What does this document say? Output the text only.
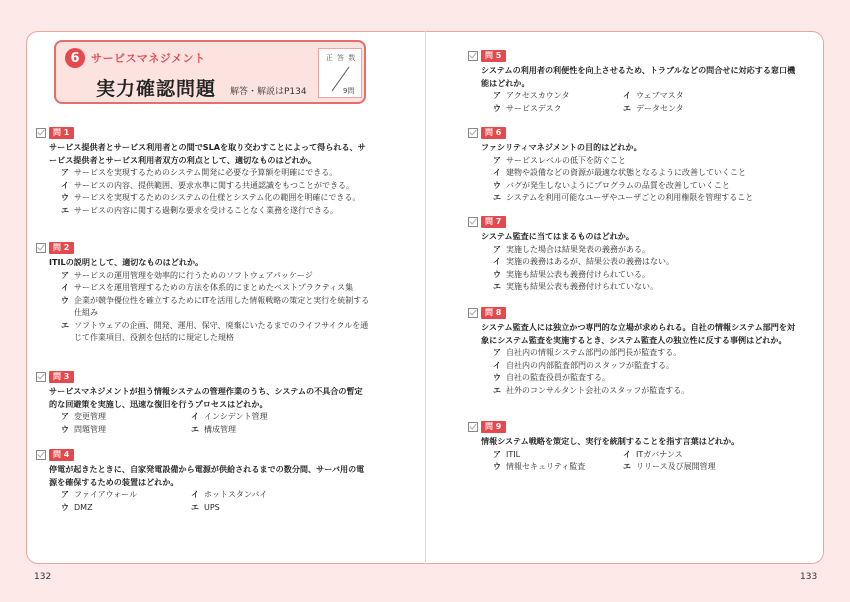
6	サービスマネジメント
実力確認問題 解答・解説はP134
正 答 数
9問
問 1
サービス提供者とサービス利用者との間でSLAを取り交わすことによって得られる、サービス提供者とサービス利用者双方の利点として、適切なものはどれか。
ア サービスを実現するためのシステム開発に必要な予算額を明確にできる。
イ サービスの内容、提供範囲、要求水準に関する共通認識をもつことができる。
ウ サービスを実現するためのシステムの仕様とシステム化の範囲を明確にできる。
エ サービスの内容に関する過剰な要求を受けることなく業務を遂行できる。
問 2
ITILの説明として、適切なものはどれか。
ア サービスの運用管理を効率的に行うためのソフトウェアパッケージ
イ サービスを運用管理するための方法を体系的にまとめたベストプラクティス集
ウ 企業が競争優位性を確立するためにITを活用した情報戦略の策定と実行を統制する仕組み
エ ソフトウェアの企画、開発、運用、保守、廃棄にいたるまでのライフサイクルを通じて作業項目、役割を包括的に規定した規格
問 3
サービスマネジメントが担う情報システムの管理作業のうち、システムの不具合の暫定的な回避策を実施し、迅速な復旧を行うプロセスはどれか。
ア 変更管理	イ インシデント管理
ウ 問題管理	エ 構成管理
問 4
停電が起きたときに、自家発電設備から電源が供給されるまでの数分間、サーバ用の電源を確保するための装置はどれか。
ア ファイアウォール	イ ホットスタンバイ
ウ DMZ	エ UPS
問 5
システムの利用者の利便性を向上させるため、トラブルなどの問合せに対応する窓口機能はどれか。
ア アクセスカウンタ	イ ウェブマスタ
ウ サービスデスク	エ データセンタ
問 6
ファシリティマネジメントの目的はどれか。
ア サービスレベルの低下を防ぐこと
イ 建物や設備などの資源が最適な状態となるように改善していくこと
ウ バグが発生しないようにプログラムの品質を改善していくこと
エ システムを利用可能なユーザやユーザごとの利用権限を管理すること
問 7
システム監査に当てはまるものはどれか。
ア 実施した場合は結果発表の義務がある。
イ 実施の義務はあるが、結果公表の義務はない。
ウ 実施も結果公表も義務付けられている。
エ 実施も結果公表も義務付けられていない。
問 8
システム監査人には独立かつ専門的な立場が求められる。自社の情報システム部門を対象にシステム監査を実施するとき、システム監査人の独立性に反する事例はどれか。
ア 自社内の情報システム部門の部門長が監査する。
イ 自社内の内部監査部門のスタッフが監査する。
ウ 自社の監査役員が監査する。
エ 社外のコンサルタント会社のスタッフが監査する。
問 9
情報システム戦略を策定し、実行を統制することを指す言葉はどれか。
ア ITIL	イ ITガバナンス
ウ 情報セキュリティ監査	エ リリース及び展開管理
132	133
